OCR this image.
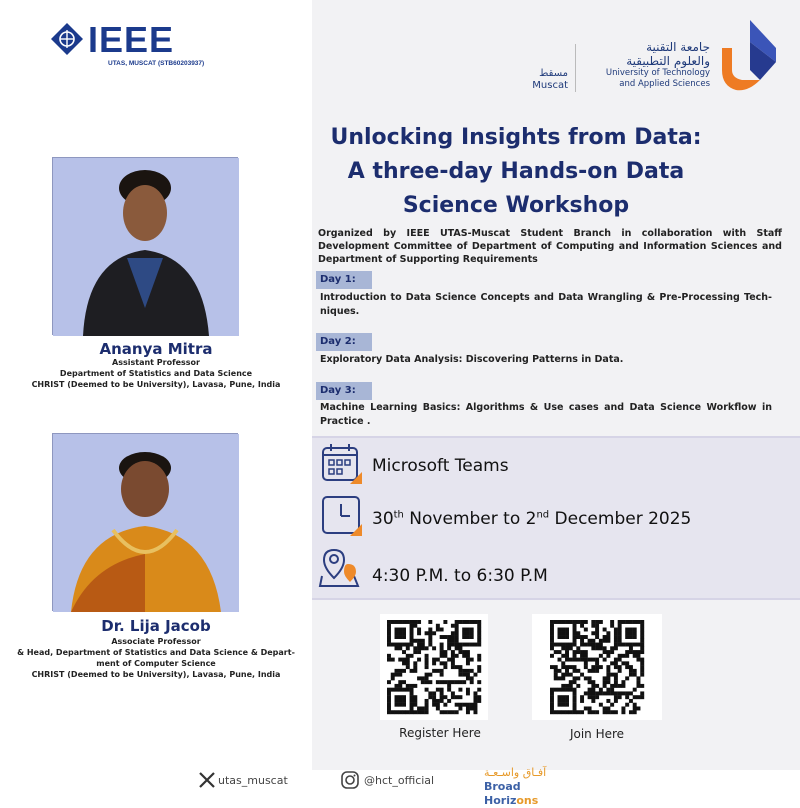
IEEE
UTAS, MUSCAT (STB60203937)
مسقط
Muscat
جامعة التقنية
والعلوم التطبيقية
University of Technology
and Applied Sciences
Unlocking Insights from Data:
A three-day Hands-on Data
Science Workshop
Organized by IEEE UTAS-Muscat Student Branch in collaboration with Staff Development Committee of Department of Computing and Information Sciences and Department of Supporting Requirements
Day 1:
Introduction to Data Science Concepts and Data Wrangling & Pre-Processing Tech- niques.
Day 2:
Exploratory Data Analysis: Discovering Patterns in Data.
Day 3:
Machine Learning Basics: Algorithms & Use cases and Data Science Workflow in Practice .
Microsoft Teams
30th November to 2nd December 2025
4:30 P.M. to 6:30 P.M
Ananya Mitra
Assistant Professor
Department of Statistics and Data Science
CHRIST (Deemed to be University), Lavasa, Pune, India
Dr. Lija Jacob
Associate Professor
& Head, Department of Statistics and Data Science & Depart- ment of Computer Science
CHRIST (Deemed to be University), Lavasa, Pune, India
Register Here	Join Here
utas_muscat	@hct_official
آفـاق واسـعـة
Broad Horizons
